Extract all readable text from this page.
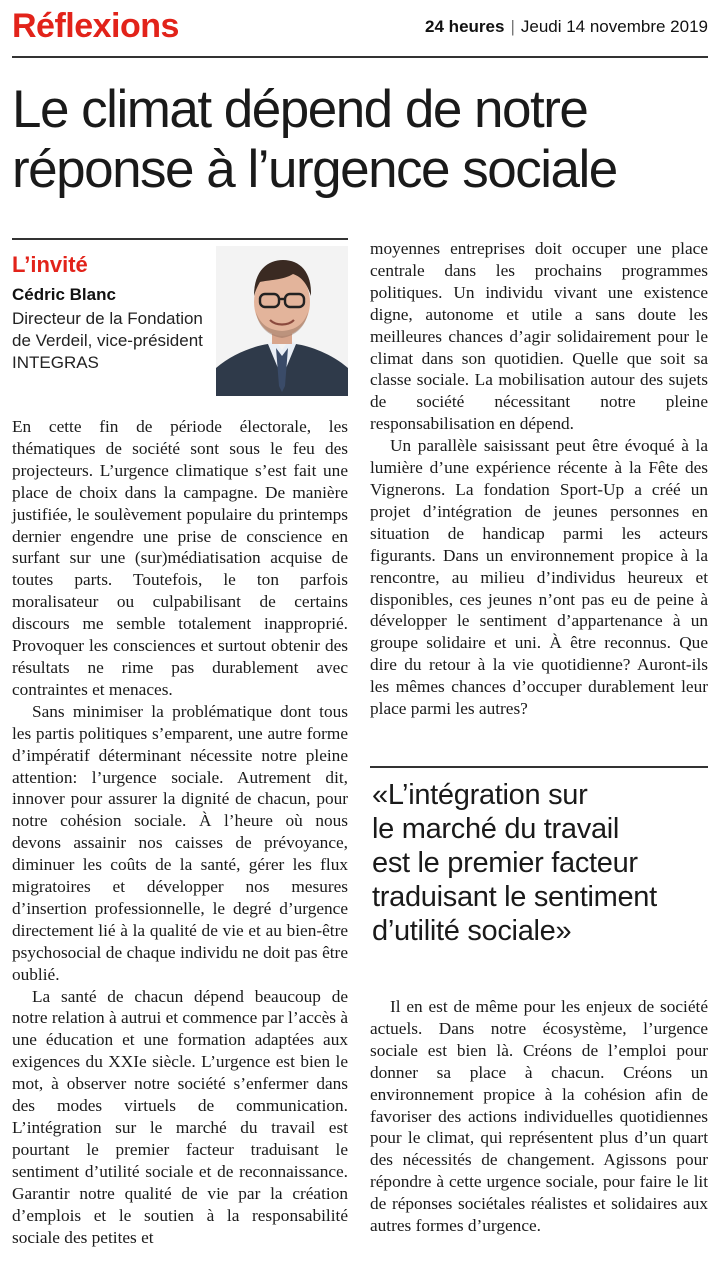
Réflexions	24 heures | Jeudi 14 novembre 2019
Le climat dépend de notre
réponse à l’urgence sociale
L’invité
Cédric Blanc
Directeur de la Fondation
de Verdeil, vice-président
INTEGRAS

En cette fin de période électorale, les thématiques de société sont sous le feu des projecteurs. L’urgence climatique s’est fait une place de choix dans la campagne. De manière justifiée, le soulèvement populaire du printemps dernier engendre une prise de conscience en surfant sur une (sur)médiatisation acquise de toutes parts. Toutefois, le ton parfois moralisateur ou culpabilisant de certains discours me semble totalement inapproprié. Provoquer les consciences et surtout obtenir des résultats ne rime pas durablement avec contraintes et menaces.

Sans minimiser la problématique dont tous les partis politiques s’emparent, une autre forme d’impératif déterminant nécessite notre pleine attention: l’urgence sociale. Autrement dit, innover pour assurer la dignité de chacun, pour notre cohésion sociale. À l’heure où nous devons assainir nos caisses de prévoyance, diminuer les coûts de la santé, gérer les flux migratoires et développer nos mesures d’insertion professionnelle, le degré d’urgence directement lié à la qualité de vie et au bien-être psychosocial de chaque individu ne doit pas être oublié.

La santé de chacun dépend beaucoup de notre relation à autrui et commence par l’accès à une éducation et une formation adaptées aux exigences du XXIe siècle. L’urgence est bien le mot, à observer notre société s’enfermer dans des modes virtuels de communication. L’intégration sur le marché du travail est pourtant le premier facteur traduisant le sentiment d’utilité sociale et de reconnaissance. Garantir notre qualité de vie par la création d’emplois et le soutien à la responsabilité sociale des petites et

moyennes entreprises doit occuper une place centrale dans les prochains programmes politiques. Un individu vivant une existence digne, autonome et utile a sans doute les meilleures chances d’agir solidairement pour le climat dans son quotidien. Quelle que soit sa classe sociale. La mobilisation autour des sujets de société nécessitant notre pleine responsabilisation en dépend.

Un parallèle saisissant peut être évoqué à la lumière d’une expérience récente à la Fête des Vignerons. La fondation Sport-Up a créé un projet d’intégration de jeunes personnes en situation de handicap parmi les acteurs figurants. Dans un environnement propice à la rencontre, au milieu d’individus heureux et disponibles, ces jeunes n’ont pas eu de peine à développer le sentiment d’appartenance à un groupe solidaire et uni. À être reconnus. Que dire du retour à la vie quotidienne? Auront-ils les mêmes chances d’occuper durablement leur place parmi les autres?

«L’intégration sur
le marché du travail
est le premier facteur
traduisant le sentiment
d’utilité sociale»

Il en est de même pour les enjeux de société actuels. Dans notre écosystème, l’urgence sociale est bien là. Créons de l’emploi pour donner sa place à chacun. Créons un environnement propice à la cohésion afin de favoriser des actions individuelles quotidiennes pour le climat, qui représentent plus d’un quart des nécessités de changement. Agissons pour répondre à cette urgence sociale, pour faire le lit de réponses sociétales réalistes et solidaires aux autres formes d’urgence.
